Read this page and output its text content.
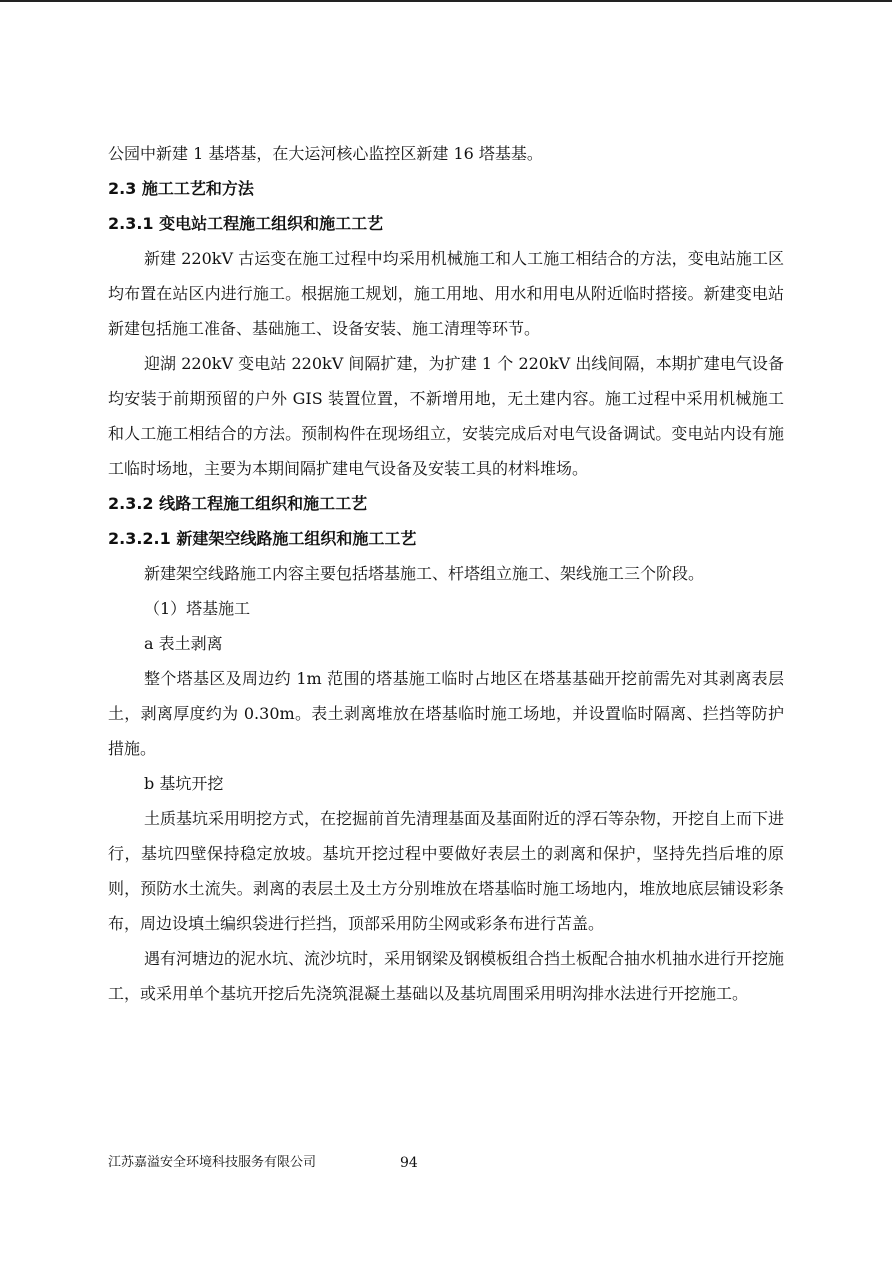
公园中新建 1 基塔基，在大运河核心监控区新建 16 塔基基。

2.3 施工工艺和方法

2.3.1 变电站工程施工组织和施工工艺

新建 220kV 古运变在施工过程中均采用机械施工和人工施工相结合的方法，变电站施工区均布置在站区内进行施工。根据施工规划，施工用地、用水和用电从附近临时搭接。新建变电站新建包括施工准备、基础施工、设备安装、施工清理等环节。

迎湖 220kV 变电站 220kV 间隔扩建，为扩建 1 个 220kV 出线间隔，本期扩建电气设备均安装于前期预留的户外 GIS 装置位置，不新增用地，无土建内容。施工过程中采用机械施工和人工施工相结合的方法。预制构件在现场组立，安装完成后对电气设备调试。变电站内设有施工临时场地，主要为本期间隔扩建电气设备及安装工具的材料堆场。

2.3.2 线路工程施工组织和施工工艺

2.3.2.1 新建架空线路施工组织和施工工艺

新建架空线路施工内容主要包括塔基施工、杆塔组立施工、架线施工三个阶段。

（1）塔基施工

a 表土剥离

整个塔基区及周边约 1m 范围的塔基施工临时占地区在塔基基础开挖前需先对其剥离表层土，剥离厚度约为 0.30m。表土剥离堆放在塔基临时施工场地，并设置临时隔离、拦挡等防护措施。

b 基坑开挖

土质基坑采用明挖方式，在挖掘前首先清理基面及基面附近的浮石等杂物，开挖自上而下进行，基坑四壁保持稳定放坡。基坑开挖过程中要做好表层土的剥离和保护，坚持先挡后堆的原则，预防水土流失。剥离的表层土及土方分别堆放在塔基临时施工场地内，堆放地底层铺设彩条布，周边设填土编织袋进行拦挡，顶部采用防尘网或彩条布进行苫盖。

遇有河塘边的泥水坑、流沙坑时，采用钢梁及钢模板组合挡土板配合抽水机抽水进行开挖施工，或采用单个基坑开挖后先浇筑混凝土基础以及基坑周围采用明沟排水法进行开挖施工。

江苏嘉溢安全环境科技服务有限公司	94
